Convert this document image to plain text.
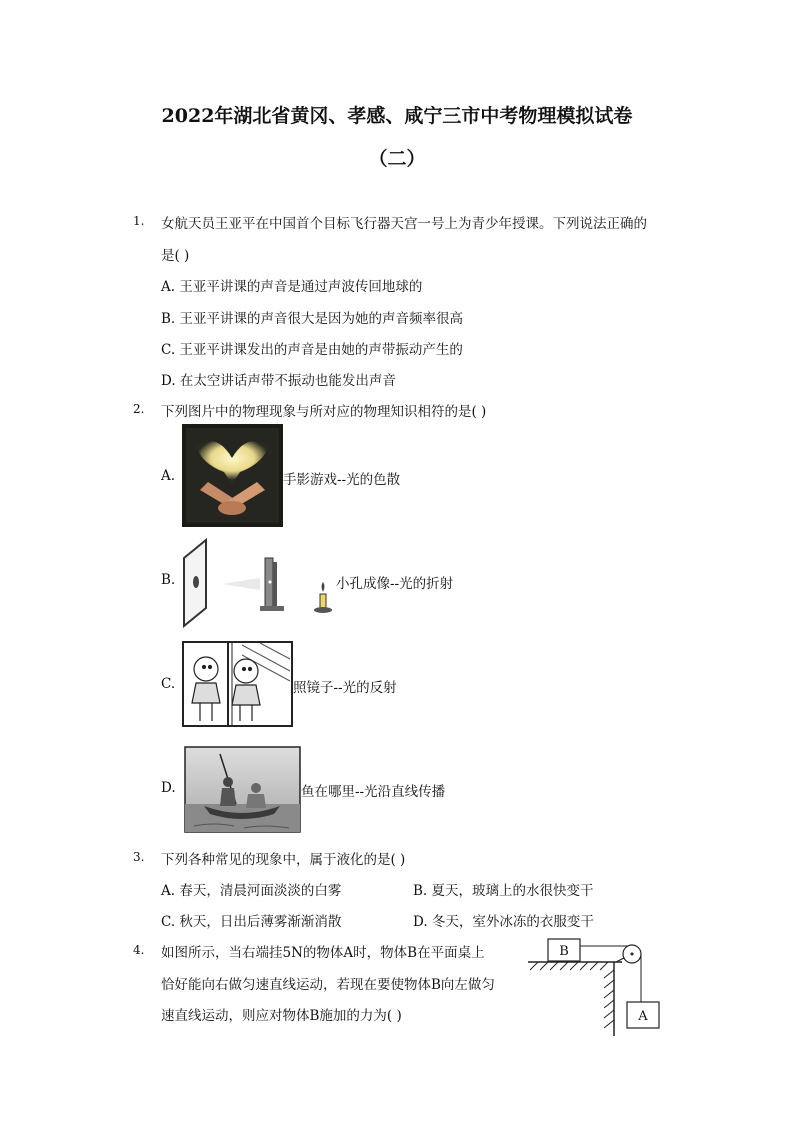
2022年湖北省黄冈、孝感、咸宁三市中考物理模拟试卷
（二）
1. 女航天员王亚平在中国首个目标飞行器天宫一号上为青少年授课。下列说法正确的
是( )
A. 王亚平讲课的声音是通过声波传回地球的
B. 王亚平讲课的声音很大是因为她的声音频率很高
C. 王亚平讲课发出的声音是由她的声带振动产生的
D. 在太空讲话声带不振动也能发出声音
2. 下列图片中的物理现象与所对应的物理知识相符的是( )
A.	手影游戏--光的色散
B.	小孔成像--光的折射
C.	照镜子--光的反射
D.	鱼在哪里--光沿直线传播
3. 下列各种常见的现象中，属于液化的是( )
A. 春天，清晨河面淡淡的白雾	B. 夏天，玻璃上的水很快变干
C. 秋天，日出后薄雾渐渐消散	D. 冬天，室外冰冻的衣服变干
4. 如图所示，当右端挂5N的物体A时，物体B在平面桌上
恰好能向右做匀速直线运动，若现在要使物体B向左做匀
速直线运动，则应对物体B施加的力为( )
B
A
